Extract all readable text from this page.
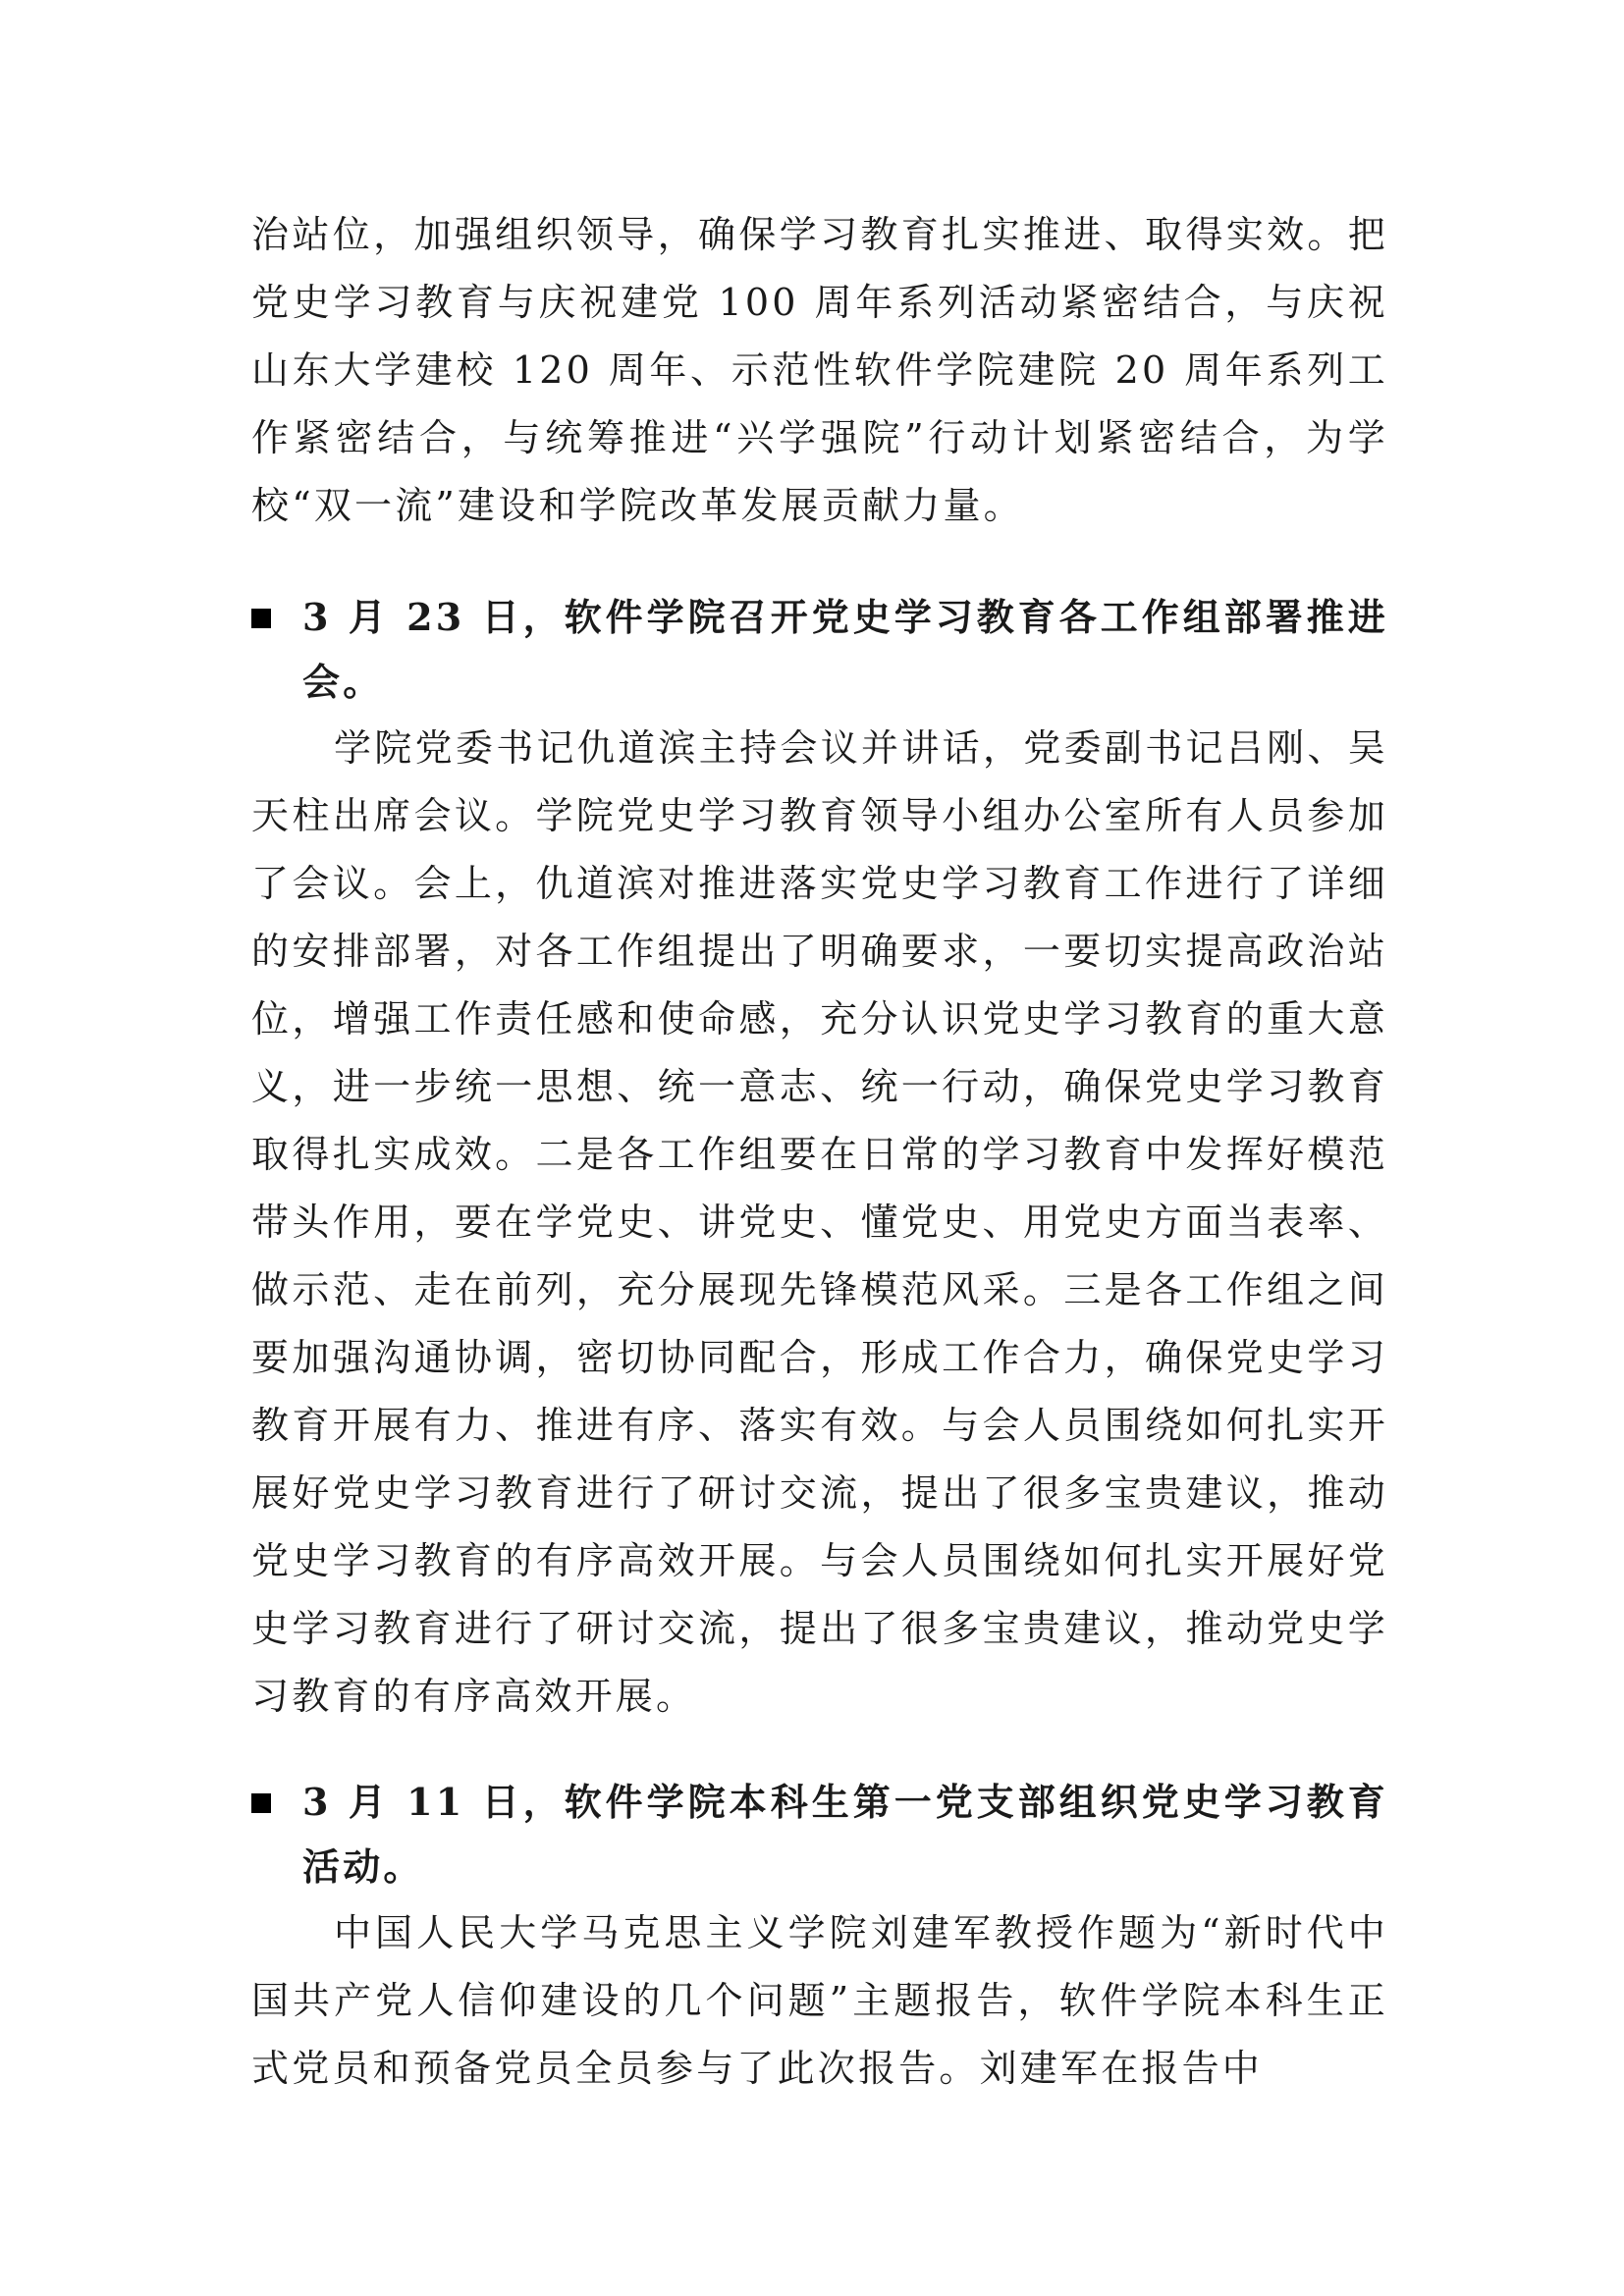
治站位，加强组织领导，确保学习教育扎实推进、取得实效。把党史学习教育与庆祝建党 100 周年系列活动紧密结合，与庆祝山东大学建校 120 周年、示范性软件学院建院 20 周年系列工作紧密结合，与统筹推进“兴学强院”行动计划紧密结合，为学校“双一流”建设和学院改革发展贡献力量。

3 月 23 日，软件学院召开党史学习教育各工作组部署推进会。

学院党委书记仇道滨主持会议并讲话，党委副书记吕刚、吴天柱出席会议。学院党史学习教育领导小组办公室所有人员参加了会议。会上，仇道滨对推进落实党史学习教育工作进行了详细的安排部署，对各工作组提出了明确要求，一要切实提高政治站位，增强工作责任感和使命感，充分认识党史学习教育的重大意义，进一步统一思想、统一意志、统一行动，确保党史学习教育取得扎实成效。二是各工作组要在日常的学习教育中发挥好模范带头作用，要在学党史、讲党史、懂党史、用党史方面当表率、做示范、走在前列，充分展现先锋模范风采。三是各工作组之间要加强沟通协调，密切协同配合，形成工作合力，确保党史学习教育开展有力、推进有序、落实有效。与会人员围绕如何扎实开展好党史学习教育进行了研讨交流，提出了很多宝贵建议，推动党史学习教育的有序高效开展。与会人员围绕如何扎实开展好党史学习教育进行了研讨交流，提出了很多宝贵建议，推动党史学习教育的有序高效开展。

3 月 11 日，软件学院本科生第一党支部组织党史学习教育活动。

中国人民大学马克思主义学院刘建军教授作题为“新时代中国共产党人信仰建设的几个问题”主题报告，软件学院本科生正式党员和预备党员全员参与了此次报告。刘建军在报告中
